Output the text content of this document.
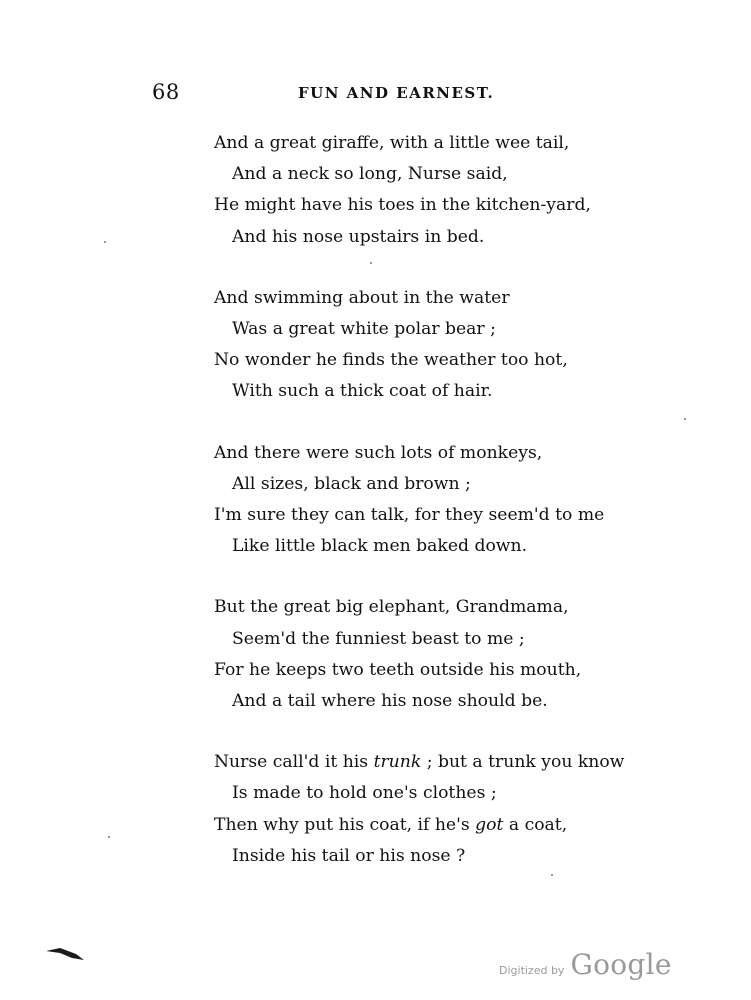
68	FUN AND EARNEST.
And a great giraffe, with a little wee tail,
And a neck so long, Nurse said,
He might have his toes in the kitchen-yard,
And his nose upstairs in bed.
And swimming about in the water
Was a great white polar bear ;
No wonder he finds the weather too hot,
With such a thick coat of hair.
And there were such lots of monkeys,
All sizes, black and brown ;
I'm sure they can talk, for they seem'd to me
Like little black men baked down.
But the great big elephant, Grandmama,
Seem'd the funniest beast to me ;
For he keeps two teeth outside his mouth,
And a tail where his nose should be.
Nurse call'd it his trunk ; but a trunk you know
Is made to hold one's clothes ;
Then why put his coat, if he's got a coat,
Inside his tail or his nose ?
Digitized by Google
